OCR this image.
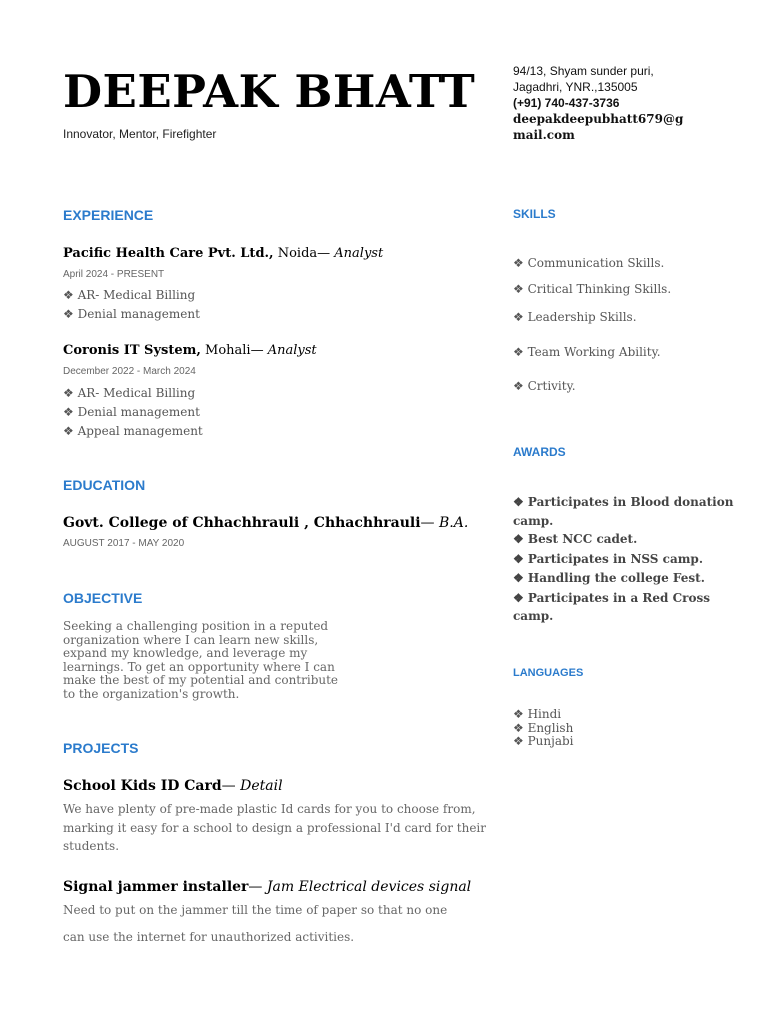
DEEPAK BHATT
Innovator, Mentor, Firefighter
94/13, Shyam sunder puri,
Jagadhri, YNR.,135005
(+91) 740-437-3736
deepakdeepubhatt679@gmail.com
EXPERIENCE
Pacific Health Care Pvt. Ltd., Noida— Analyst
April 2024 - PRESENT
❖ AR- Medical Billing
❖ Denial management
Coronis IT System, Mohali— Analyst
December 2022 - March 2024
❖ AR- Medical Billing
❖ Denial management
❖ Appeal management
EDUCATION
Govt. College of Chhachhrauli , Chhachhrauli— B.A.
AUGUST 2017 - MAY 2020
OBJECTIVE
Seeking a challenging position in a reputed organization where I can learn new skills, expand my knowledge, and leverage my learnings. To get an opportunity where I can make the best of my potential and contribute to the organization's growth.
PROJECTS
School Kids ID Card— Detail
We have plenty of pre-made plastic Id cards for you to choose from,
marking it easy for a school to design a professional I'd card for their
students.
Signal jammer installer— Jam Electrical devices signal
Need to put on the jammer till the time of paper so that no one
can use the internet for unauthorized activities.
SKILLS
❖ Communication Skills.
❖ Critical Thinking Skills.
❖ Leadership Skills.
❖ Team Working Ability.
❖ Crtivity.
AWARDS
❖ Participates in Blood donation
camp.
❖ Best NCC cadet.
❖ Participates in NSS camp.
❖ Handling the college Fest.
❖ Participates in a Red Cross
camp.
LANGUAGES
❖ Hindi
❖ English
❖ Punjabi
